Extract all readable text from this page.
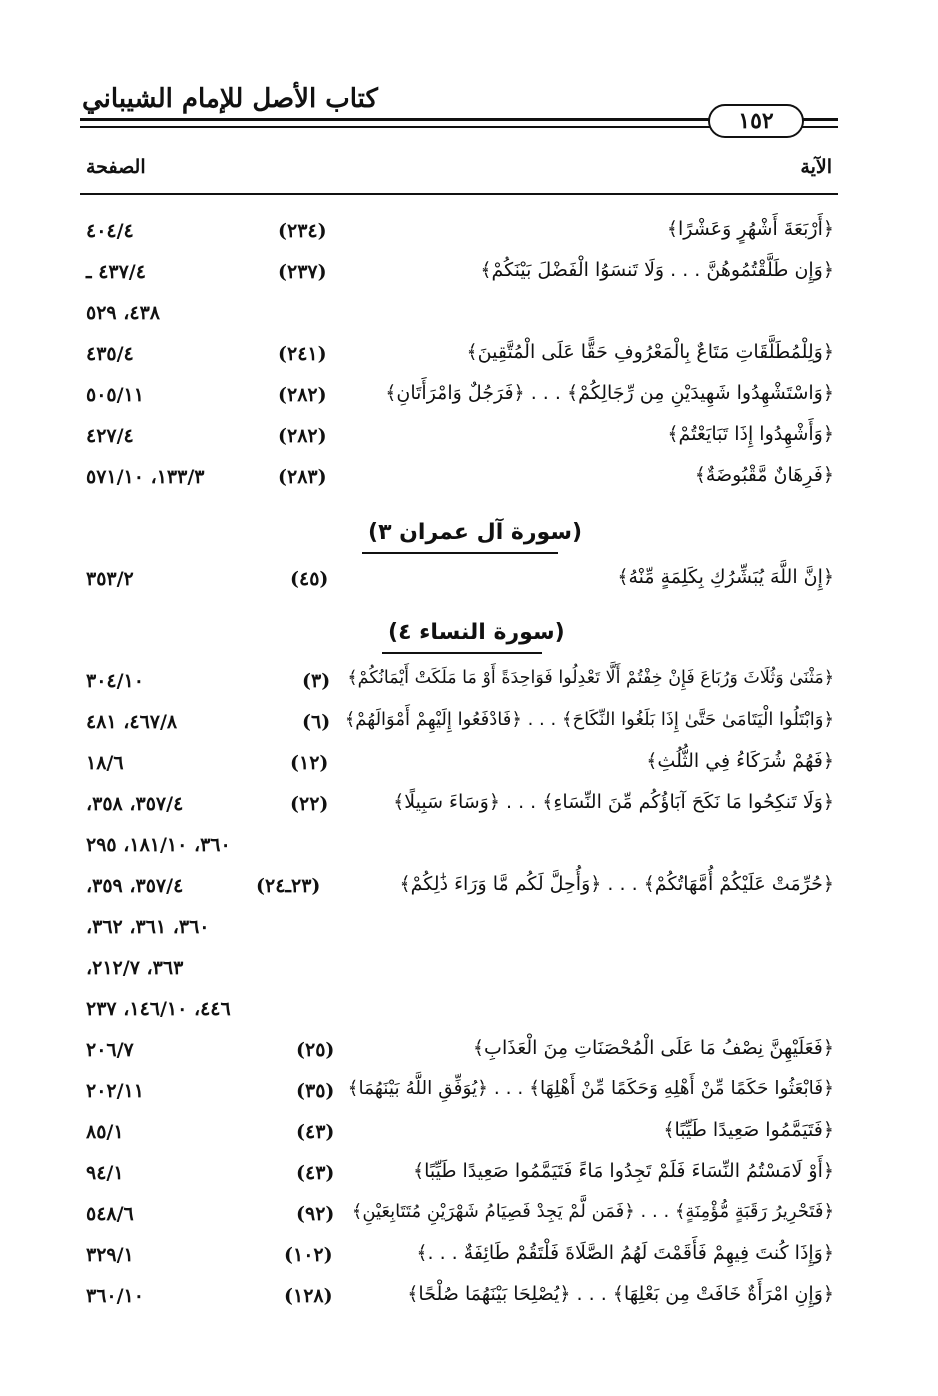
كتاب الأصل للإمام الشيباني
١٥٢
الآية
الصفحة
﴿أَرْبَعَةَ أَشْهُرٍ وَعَشْرًا﴾
(٢٣٤)
٤٠٤/٤
﴿وَإِن طَلَّقْتُمُوهُنَّ . . . وَلَا تَنسَوُا الْفَضْلَ بَيْنَكُمْ﴾
(٢٣٧)
٤٣٧/٤ ـ
٤٣٨، ٥٢٩
﴿وَلِلْمُطَلَّقَاتِ مَتَاعٌ بِالْمَعْرُوفِ حَقًّا عَلَى الْمُتَّقِينَ﴾
(٢٤١)
٤٣٥/٤
﴿وَاسْتَشْهِدُوا شَهِيدَيْنِ مِن رِّجَالِكُمْ﴾ . . . ﴿فَرَجُلٌ وَامْرَأَتَانِ﴾
(٢٨٢)
٥٠٥/١١
﴿وَأَشْهِدُوا إِذَا تَبَايَعْتُمْ﴾
(٢٨٢)
٤٢٧/٤
﴿فَرِهَانٌ مَّقْبُوضَةٌ﴾
(٢٨٣)
١٣٣/٣، ٥٧١/١٠
(سورة آل عمران ٣)
﴿إِنَّ اللَّهَ يُبَشِّرُكِ بِكَلِمَةٍ مِّنْهُ﴾
(٤٥)
٣٥٣/٢
(سورة النساء ٤)
﴿مَثْنَىٰ وَثُلَاثَ وَرُبَاعَ فَإِنْ خِفْتُمْ أَلَّا تَعْدِلُوا فَوَاحِدَةً أَوْ مَا مَلَكَتْ أَيْمَانُكُمْ﴾
(٣)
٣٠٤/١٠
﴿وَابْتَلُوا الْيَتَامَىٰ حَتَّىٰ إِذَا بَلَغُوا النِّكَاحَ﴾ . . . ﴿فَادْفَعُوا إِلَيْهِمْ أَمْوَالَهُمْ﴾
(٦)
٤٦٧/٨، ٤٨١
﴿فَهُمْ شُرَكَاءُ فِي الثُّلُثِ﴾
(١٢)
١٨/٦
﴿وَلَا تَنكِحُوا مَا نَكَحَ آبَاؤُكُم مِّنَ النِّسَاءِ﴾ . . . ﴿وَسَاءَ سَبِيلًا﴾
(٢٢)
٣٥٧/٤، ٣٥٨،
٣٦٠، ١٨١/١٠، ٢٩٥
﴿حُرِّمَتْ عَلَيْكُمْ أُمَّهَاتُكُمْ﴾ . . . ﴿وَأُحِلَّ لَكُم مَّا وَرَاءَ ذَٰلِكُمْ﴾
(٢٣ـ٢٤)
٣٥٧/٤، ٣٥٩،
٣٦٠، ٣٦١، ٣٦٢،
٣٦٣، ٢١٢/٧،
٤٤٦، ١٤٦/١٠، ٢٣٧
﴿فَعَلَيْهِنَّ نِصْفُ مَا عَلَى الْمُحْصَنَاتِ مِنَ الْعَذَابِ﴾
(٢٥)
٢٠٦/٧
﴿فَابْعَثُوا حَكَمًا مِّنْ أَهْلِهِ وَحَكَمًا مِّنْ أَهْلِهَا﴾ . . . ﴿يُوَفِّقِ اللَّهُ بَيْنَهُمَا﴾
(٣٥)
٢٠٢/١١
﴿فَتَيَمَّمُوا صَعِيدًا طَيِّبًا﴾
(٤٣)
٨٥/١
﴿أَوْ لَامَسْتُمُ النِّسَاءَ فَلَمْ تَجِدُوا مَاءً فَتَيَمَّمُوا صَعِيدًا طَيِّبًا﴾
(٤٣)
٩٤/١
﴿فَتَحْرِيرُ رَقَبَةٍ مُّؤْمِنَةٍ﴾ . . . ﴿فَمَن لَّمْ يَجِدْ فَصِيَامُ شَهْرَيْنِ مُتَتَابِعَيْنِ﴾
(٩٢)
٥٤٨/٦
﴿وَإِذَا كُنتَ فِيهِمْ فَأَقَمْتَ لَهُمُ الصَّلَاةَ فَلْتَقُمْ طَائِفَةٌ . . .﴾
(١٠٢)
٣٢٩/١
﴿وَإِنِ امْرَأَةٌ خَافَتْ مِن بَعْلِهَا﴾ . . . ﴿يُصْلِحَا بَيْنَهُمَا صُلْحًا﴾
(١٢٨)
٣٦٠/١٠
